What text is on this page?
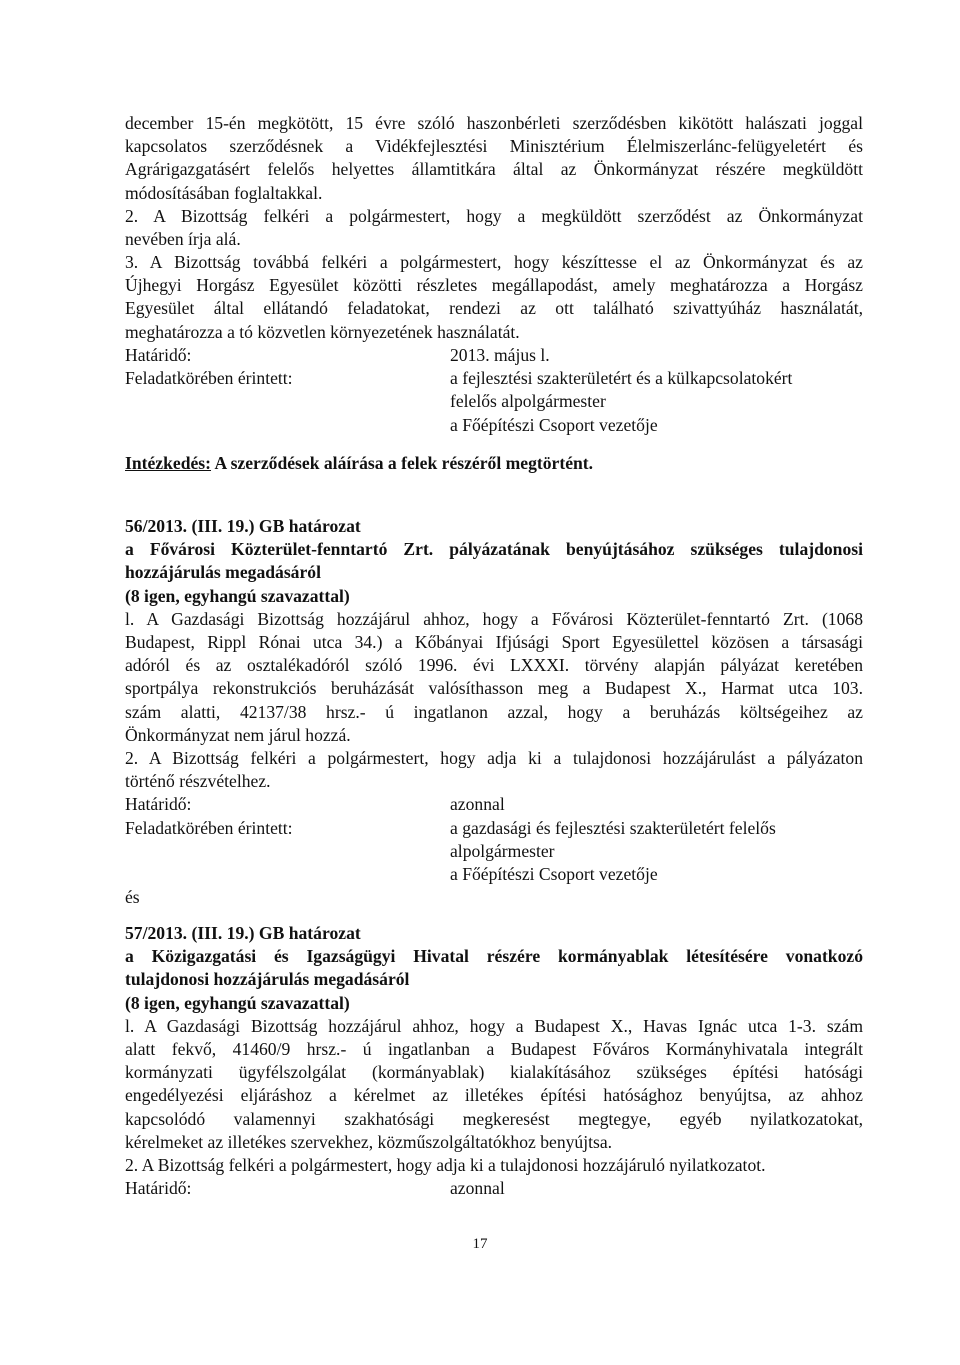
december 15-én megkötött, 15 évre szóló haszonbérleti szerződésben kikötött halászati joggal
kapcsolatos szerződésnek a Vidékfejlesztési Minisztérium Élelmiszerlánc-felügyeletért és
Agrárigazgatásért felelős helyettes államtitkára által az Önkormányzat részére megküldött
módosításában foglaltakkal.
2. A Bizottság felkéri a polgármestert, hogy a megküldött szerződést az Önkormányzat
nevében írja alá.
3. A Bizottság továbbá felkéri a polgármestert, hogy készíttesse el az Önkormányzat és az
Újhegyi Horgász Egyesület közötti részletes megállapodást, amely meghatározza a Horgász
Egyesület által ellátandó feladatokat, rendezi az ott található szivattyúház használatát,
meghatározza a tó közvetlen környezetének használatát.
Határidő:	2013. május l.
Feladatkörében érintett:	a fejlesztési szakterületért és a külkapcsolatokért
felelős alpolgármester
a Főépítészi Csoport vezetője
Intézkedés: A szerződések aláírása a felek részéről megtörtént.
56/2013. (III. 19.) GB határozat
a Fővárosi Közterület-fenntartó Zrt. pályázatának benyújtásához szükséges tulajdonosi
hozzájárulás megadásáról
(8 igen, egyhangú szavazattal)
l. A Gazdasági Bizottság hozzájárul ahhoz, hogy a Fővárosi Közterület-fenntartó Zrt. (1068
Budapest, Rippl Rónai utca 34.) a Kőbányai Ifjúsági Sport Egyesülettel közösen a társasági
adóról és az osztalékadóról szóló 1996. évi LXXXI. törvény alapján pályázat keretében
sportpálya rekonstrukciós beruházását valósíthasson meg a Budapest X., Harmat utca 103.
szám alatti, 42137/38 hrsz.- ú ingatlanon azzal, hogy a beruházás költségeihez az
Önkormányzat nem járul hozzá.
2. A Bizottság felkéri a polgármestert, hogy adja ki a tulajdonosi hozzájárulást a pályázaton
történő részvételhez.
Határidő:	azonnal
Feladatkörében érintett:	a gazdasági és fejlesztési szakterületért felelős
alpolgármester
a Főépítészi Csoport vezetője
és
57/2013. (III. 19.) GB határozat
a Közigazgatási és Igazságügyi Hivatal részére kormányablak létesítésére vonatkozó
tulajdonosi hozzájárulás megadásáról
(8 igen, egyhangú szavazattal)
l. A Gazdasági Bizottság hozzájárul ahhoz, hogy a Budapest X., Havas Ignác utca 1-3. szám
alatt fekvő, 41460/9 hrsz.- ú ingatlanban a Budapest Főváros Kormányhivatala integrált
kormányzati ügyfélszolgálat (kormányablak) kialakításához szükséges építési hatósági
engedélyezési eljáráshoz a kérelmet az illetékes építési hatósághoz benyújtsa, az ahhoz
kapcsolódó valamennyi szakhatósági megkeresést megtegye, egyéb nyilatkozatokat,
kérelmeket az illetékes szervekhez, közműszolgáltatókhoz benyújtsa.
2. A Bizottság felkéri a polgármestert, hogy adja ki a tulajdonosi hozzájáruló nyilatkozatot.
Határidő:	azonnal
17
